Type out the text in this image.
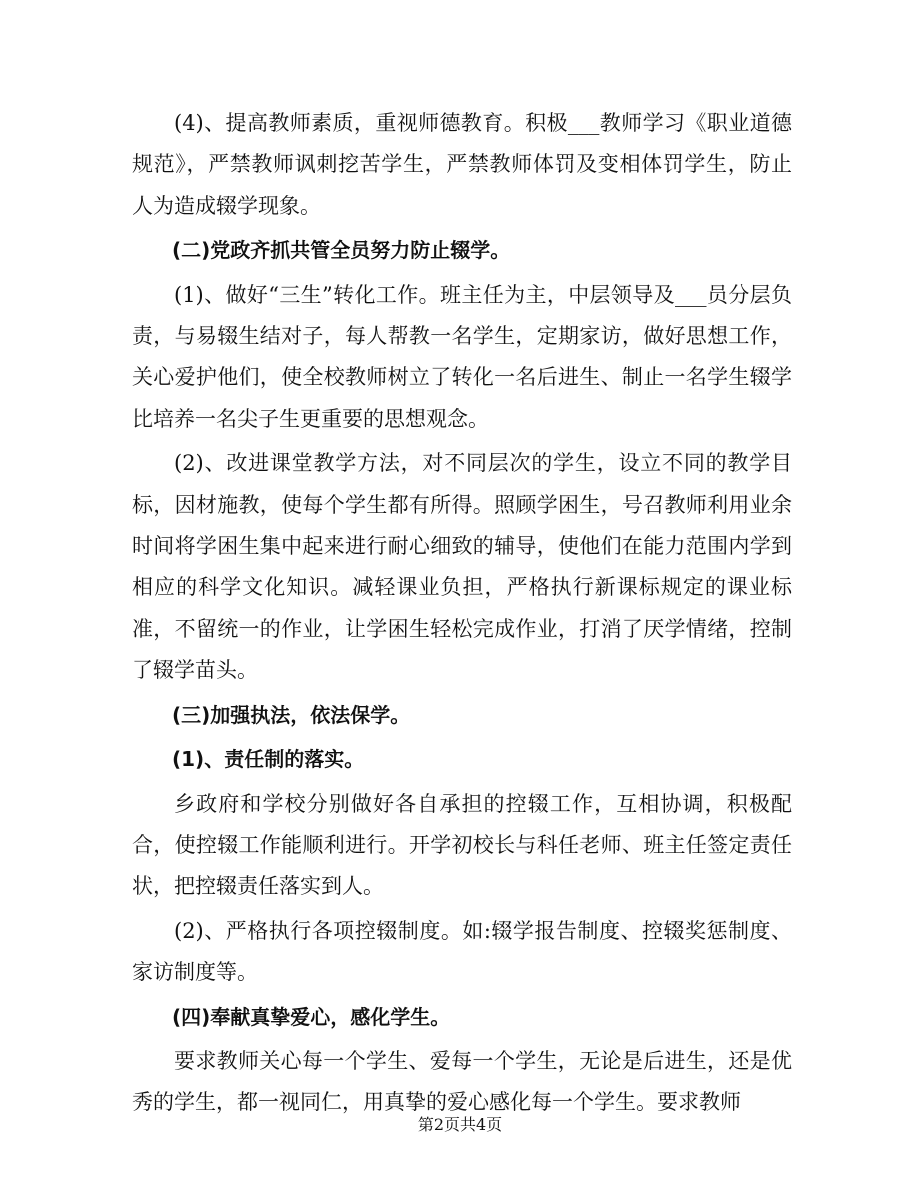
(4)、提高教师素质，重视师德教育。积极___教师学习《职业道德规范》，严禁教师讽刺挖苦学生，严禁教师体罚及变相体罚学生，防止人为造成辍学现象。

(二)党政齐抓共管全员努力防止辍学。

(1)、做好“三生”转化工作。班主任为主，中层领导及___员分层负责，与易辍生结对子，每人帮教一名学生，定期家访，做好思想工作，关心爱护他们，使全校教师树立了转化一名后进生、制止一名学生辍学比培养一名尖子生更重要的思想观念。

(2)、改进课堂教学方法，对不同层次的学生，设立不同的教学目标，因材施教，使每个学生都有所得。照顾学困生，号召教师利用业余时间将学困生集中起来进行耐心细致的辅导，使他们在能力范围内学到相应的科学文化知识。减轻课业负担，严格执行新课标规定的课业标准，不留统一的作业，让学困生轻松完成作业，打消了厌学情绪，控制了辍学苗头。

(三)加强执法，依法保学。

(1)、责任制的落实。

乡政府和学校分别做好各自承担的控辍工作，互相协调，积极配合，使控辍工作能顺利进行。开学初校长与科任老师、班主任签定责任状，把控辍责任落实到人。

(2)、严格执行各项控辍制度。如:辍学报告制度、控辍奖惩制度、家访制度等。

(四)奉献真挚爱心，感化学生。

要求教师关心每一个学生、爱每一个学生，无论是后进生，还是优秀的学生，都一视同仁，用真挚的爱心感化每一个学生。要求教师

第2页共4页
